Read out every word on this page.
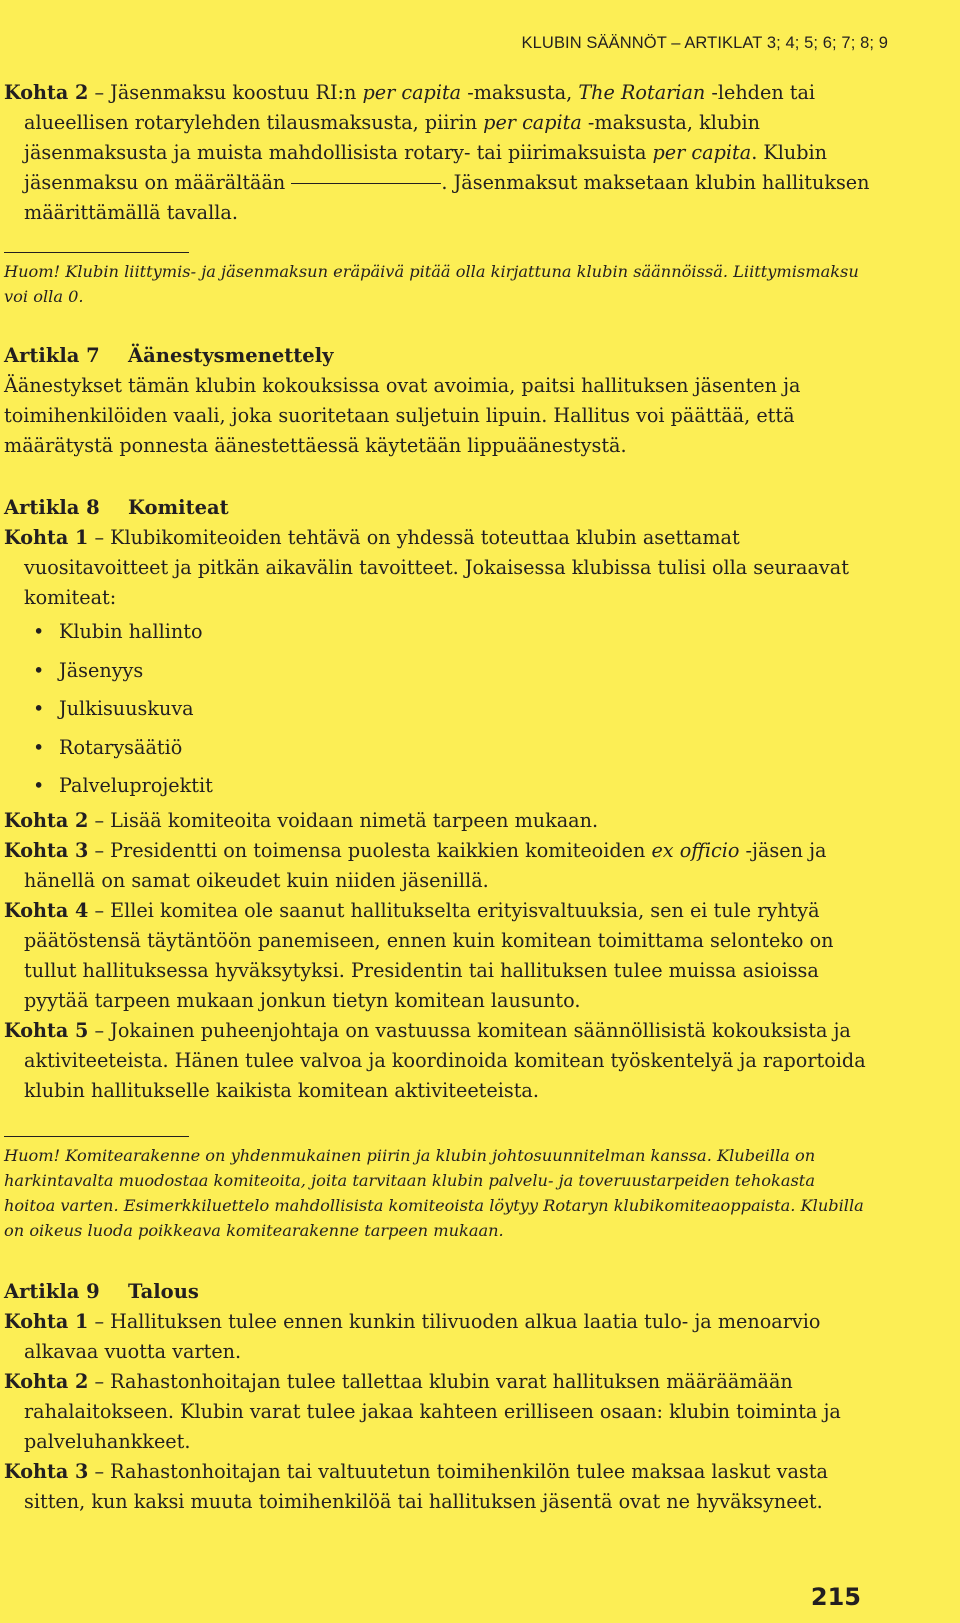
KLUBIN SÄÄNNÖT – ARTIKLAT 3; 4; 5; 6; 7; 8; 9

Kohta 2 – Jäsenmaksu koostuu RI:n per capita -maksusta, The Rotarian -lehden tai alueellisen rotarylehden tilausmaksusta, piirin per capita -maksusta, klubin jäsenmaksusta ja muista mahdollisista rotary- tai piirimaksuista per capita. Klubin jäsenmaksu on määrältään	. Jäsenmaksut maksetaan klubin hallituksen määrittämällä tavalla.

Huom! Klubin liittymis- ja jäsenmaksun eräpäivä pitää olla kirjattuna klubin säännöissä. Liittymismaksu voi olla 0.

Artikla 7 Äänestysmenettely

Äänestykset tämän klubin kokouksissa ovat avoimia, paitsi hallituksen jäsenten ja toimihenkilöiden vaali, joka suoritetaan suljetuin lipuin. Hallitus voi päättää, että määrätystä ponnesta äänestettäessä käytetään lippuäänestystä.

Artikla 8 Komiteat

Kohta 1 – Klubikomiteoiden tehtävä on yhdessä toteuttaa klubin asettamat vuositavoitteet ja pitkän aikavälin tavoitteet. Jokaisessa klubissa tulisi olla seuraavat komiteat:

• Klubin hallinto
• Jäsenyys
• Julkisuuskuva
• Rotarysäätiö
• Palveluprojektit

Kohta 2 – Lisää komiteoita voidaan nimetä tarpeen mukaan.

Kohta 3 – Presidentti on toimensa puolesta kaikkien komiteoiden ex officio -jäsen ja hänellä on samat oikeudet kuin niiden jäsenillä.

Kohta 4 – Ellei komitea ole saanut hallitukselta erityisvaltuuksia, sen ei tule ryhtyä päätöstensä täytäntöön panemiseen, ennen kuin komitean toimittama selonteko on tullut hallituksessa hyväksytyksi. Presidentin tai hallituksen tulee muissa asioissa pyytää tarpeen mukaan jonkun tietyn komitean lausunto.

Kohta 5 – Jokainen puheenjohtaja on vastuussa komitean säännöllisistä kokouksista ja aktiviteeteista. Hänen tulee valvoa ja koordinoida komitean työskentelyä ja raportoida klubin hallitukselle kaikista komitean aktiviteeteista.

Huom! Komitearakenne on yhdenmukainen piirin ja klubin johtosuunnitelman kanssa. Klubeilla on harkintavalta muodostaa komiteoita, joita tarvitaan klubin palvelu- ja toveruustarpeiden tehokasta hoitoa varten. Esimerkkiluettelo mahdollisista komiteoista löytyy Rotaryn klubikomiteaoppaista. Klubilla on oikeus luoda poikkeava komitearakenne tarpeen mukaan.

Artikla 9 Talous

Kohta 1 – Hallituksen tulee ennen kunkin tilivuoden alkua laatia tulo- ja menoarvio alkavaa vuotta varten.

Kohta 2 – Rahastonhoitajan tulee tallettaa klubin varat hallituksen määräämään rahalaitokseen. Klubin varat tulee jakaa kahteen erilliseen osaan: klubin toiminta ja palveluhankkeet.

Kohta 3 – Rahastonhoitajan tai valtuutetun toimihenkilön tulee maksaa laskut vasta sitten, kun kaksi muuta toimihenkilöä tai hallituksen jäsentä ovat ne hyväksyneet.

215
